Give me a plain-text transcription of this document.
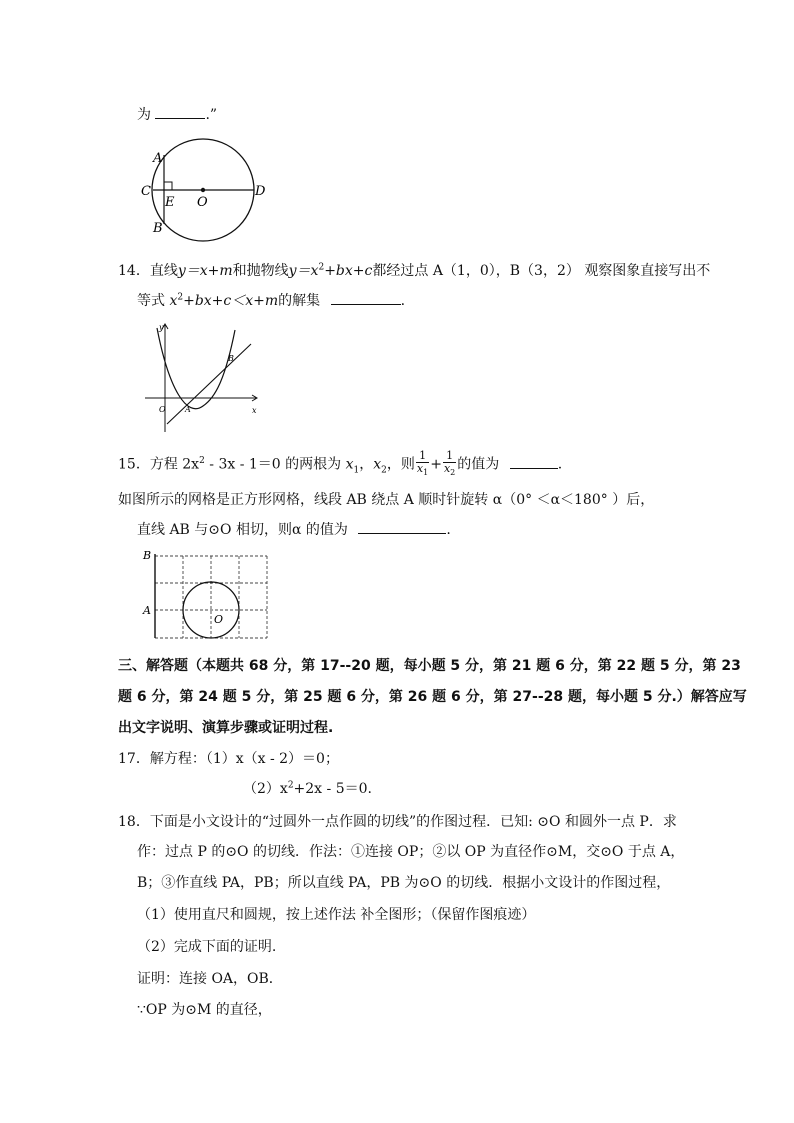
为	.”
A
B
C	D
E O
14．直线y＝x+m和抛物线$y=x^2+bx+c$都经过点 A（1，0），B（3，2） 观察图象直接写出不
等式 $x^2+bx+c<x+m$的解集	.
y
x
O A
B
15．方程 $2x^2 - 3x - 1=0$ 的两根为 $x_1$，$x_2$，则 $\frac{1}{x_1} + \frac{1}{x_2}$ 的值为	.
如图所示的网格是正方形网格，线段 AB 绕点 A 顺时针旋转 α（0° ＜α＜180° ）后，
直线 AB 与⊙O 相切，则α 的值为	.
B
A
O
三、解答题（本题共 68 分，第 17--20 题，每小题 5 分，第 21 题 6 分，第 22 题 5 分，第 23
题 6 分，第 24 题 5 分，第 25 题 6 分，第 26 题 6 分，第 27--28 题，每小题 5 分.）解答应写
出文字说明、演算步骤或证明过程.
17．解方程：（1）x（x - 2）＝0；
$(2)x^2+2x - 5=0$.
18．下面是小文设计的“过圆外一点作圆的切线”的作图过程．已知: ⊙O 和圆外一点 P．求
作：过点 P 的⊙O 的切线．作法：①连接 OP；②以 OP 为直径作⊙M，交⊙O 于点 A，
B；③作直线 PA，PB；所以直线 PA，PB 为⊙O 的切线．根据小文设计的作图过程，
（1）使用直尺和圆规，按上述作法 补全图形；（保留作图痕迹）
（2）完成下面的证明.
证明：连接 OA，OB．
∵OP 为⊙M 的直径，
